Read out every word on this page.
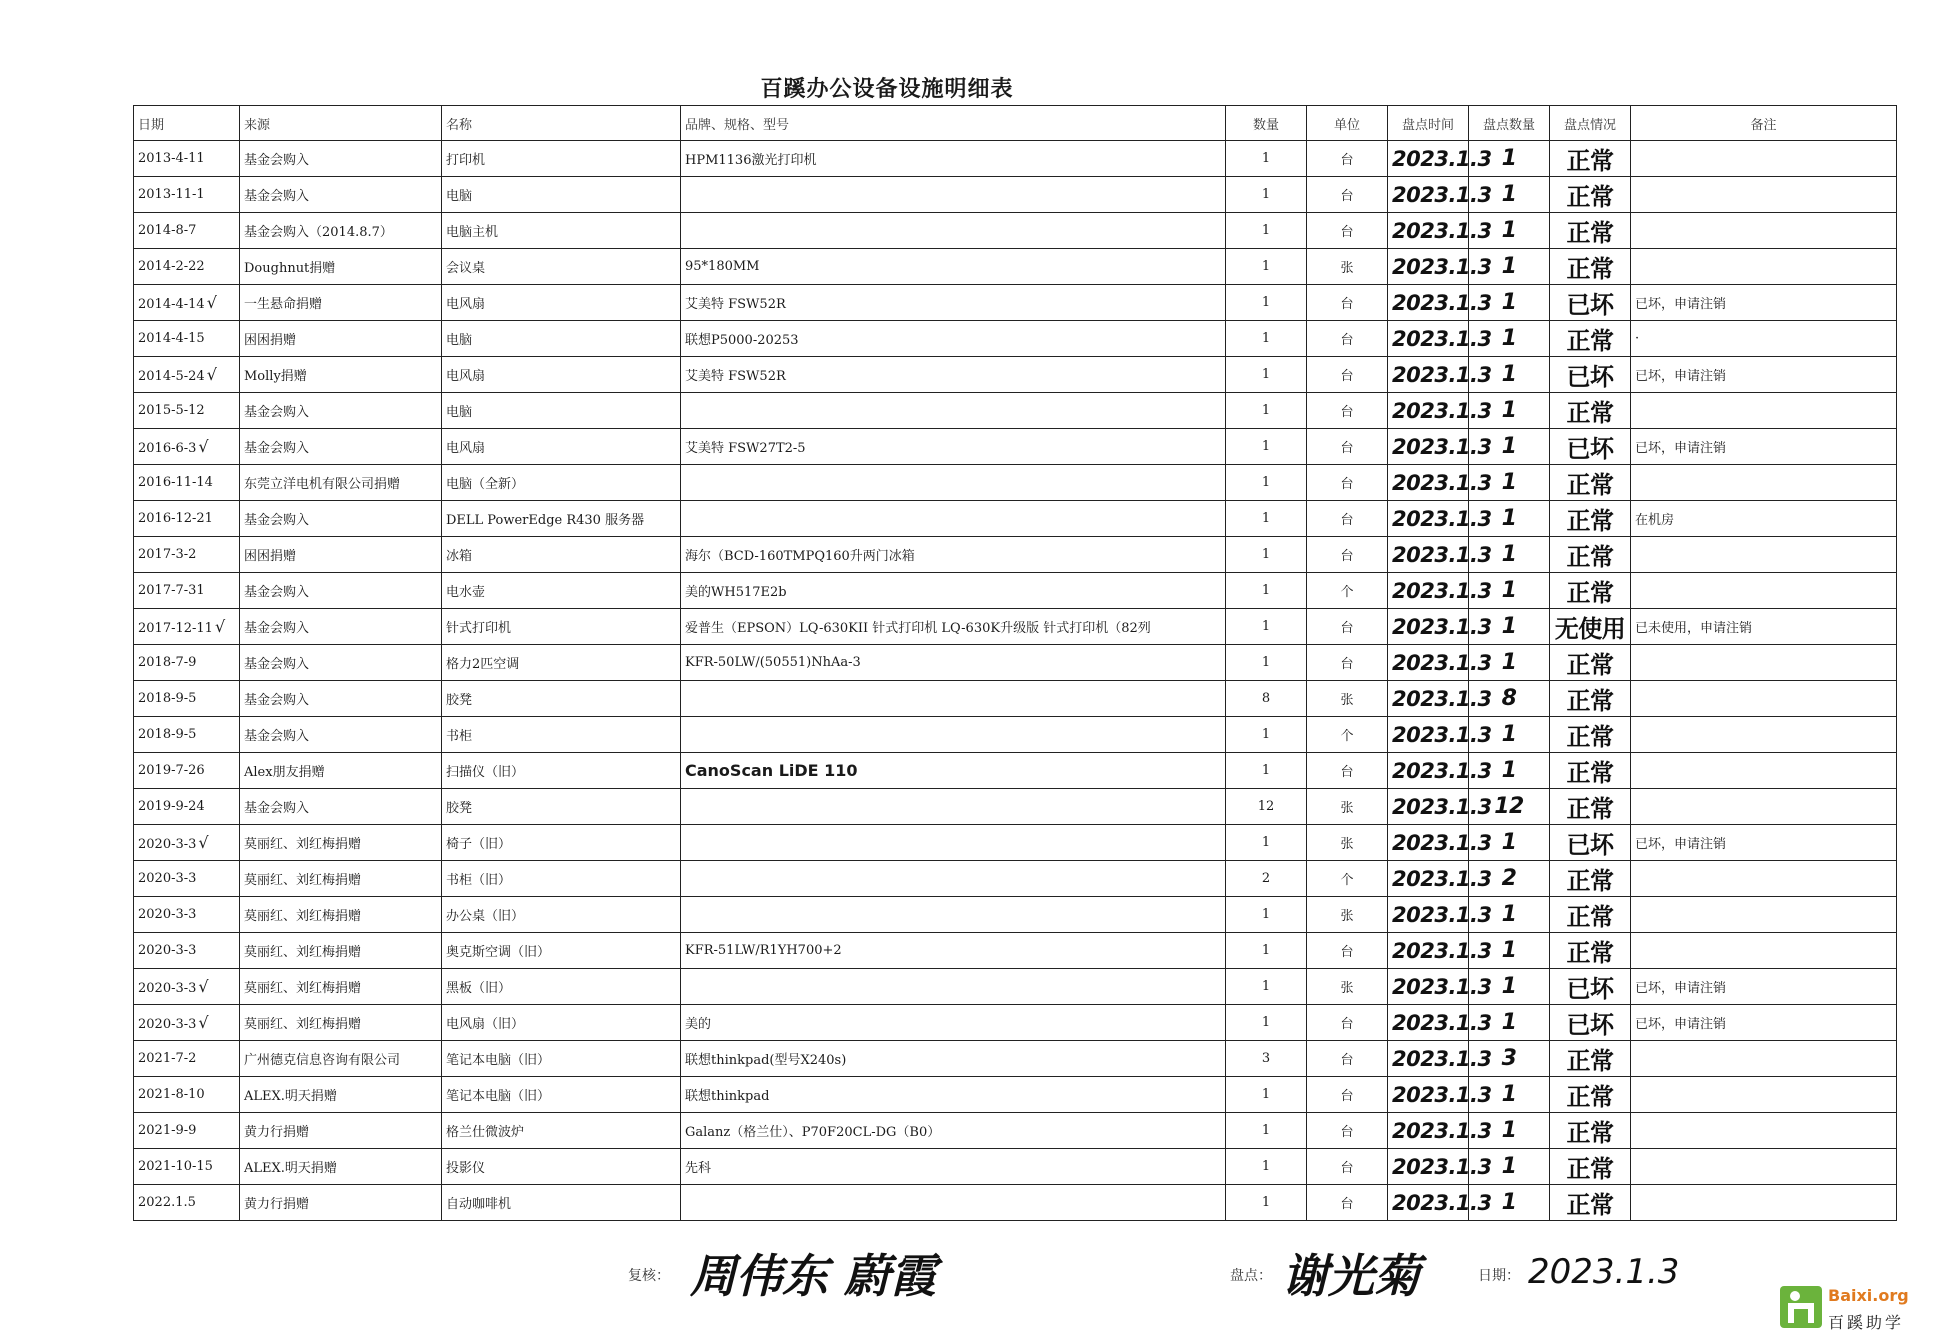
百蹊办公设备设施明细表
日期	来源	名称	品牌、规格、型号	数量	单位	盘点时间	盘点数量	盘点情况	备注
2013-4-11	基金会购入	打印机	HPM1136激光打印机	1	台	2023.1.3	1	正常	
2013-11-1	基金会购入	电脑		1	台	2023.1.3	1	正常	
2014-8-7	基金会购入（2014.8.7）	电脑主机		1	台	2023.1.3	1	正常	
2014-2-22	Doughnut捐赠	会议桌	95*180MM	1	张	2023.1.3	1	正常	
2014-4-14 √	一生悬命捐赠	电风扇	艾美特 FSW52R	1	台	2023.1.3	1	已坏	已坏，申请注销
2014-4-15	困困捐赠	电脑	联想P5000-20253	1	台	2023.1.3	1	正常	·
2014-5-24 √	Molly捐赠	电风扇	艾美特 FSW52R	1	台	2023.1.3	1	已坏	已坏，申请注销
2015-5-12	基金会购入	电脑		1	台	2023.1.3	1	正常	
2016-6-3 √	基金会购入	电风扇	艾美特 FSW27T2-5	1	台	2023.1.3	1	已坏	已坏，申请注销
2016-11-14	东莞立洋电机有限公司捐赠	电脑（全新）		1	台	2023.1.3	1	正常	
2016-12-21	基金会购入	DELL PowerEdge R430 服务器		1	台	2023.1.3	1	正常	在机房
2017-3-2	困困捐赠	冰箱	海尔（BCD-160TMPQ160升两门冰箱	1	台	2023.1.3	1	正常	
2017-7-31	基金会购入	电水壶	美的WH517E2b	1	个	2023.1.3	1	正常	
2017-12-11 √	基金会购入	针式打印机	爱普生（EPSON）LQ-630KII 针式打印机 LQ-630K升级版 针式打印机（82列	1	台	2023.1.3	1	无使用	已未使用，申请注销
2018-7-9	基金会购入	格力2匹空调	KFR-50LW/(50551)NhAa-3	1	台	2023.1.3	1	正常	
2018-9-5	基金会购入	胶凳		8	张	2023.1.3	8	正常	
2018-9-5	基金会购入	书柜		1	个	2023.1.3	1	正常	
2019-7-26	Alex朋友捐赠	扫描仪（旧）	CanoScan LiDE 110	1	台	2023.1.3	1	正常	
2019-9-24	基金会购入	胶凳		12	张	2023.1.3	12	正常	
2020-3-3 √	莫丽红、刘红梅捐赠	椅子（旧）		1	张	2023.1.3	1	已坏	已坏，申请注销
2020-3-3	莫丽红、刘红梅捐赠	书柜（旧）		2	个	2023.1.3	2	正常	
2020-3-3	莫丽红、刘红梅捐赠	办公桌（旧）		1	张	2023.1.3	1	正常	
2020-3-3	莫丽红、刘红梅捐赠	奥克斯空调（旧）	KFR-51LW/R1YH700+2	1	台	2023.1.3	1	正常	
2020-3-3 √	莫丽红、刘红梅捐赠	黑板（旧）		1	张	2023.1.3	1	已坏	已坏，申请注销
2020-3-3 √	莫丽红、刘红梅捐赠	电风扇（旧）	美的	1	台	2023.1.3	1	已坏	已坏，申请注销
2021-7-2	广州德克信息咨询有限公司	笔记本电脑（旧）	联想thinkpad(型号X240s)	3	台	2023.1.3	3	正常	
2021-8-10	ALEX.明天捐赠	笔记本电脑（旧）	联想thinkpad	1	台	2023.1.3	1	正常	
2021-9-9	黄力行捐赠	格兰仕微波炉	Galanz（格兰仕）、P70F20CL-DG（B0）	1	台	2023.1.3	1	正常	
2021-10-15	ALEX.明天捐赠	投影仪	先科	1	台	2023.1.3	1	正常	
2022.1.5	黄力行捐赠	自动咖啡机		1	台	2023.1.3	1	正常	
复核： 周伟东 蔚霞	盘点： 谢光菊	日期： 2023.1.3
Baixi.org
百蹊助学
